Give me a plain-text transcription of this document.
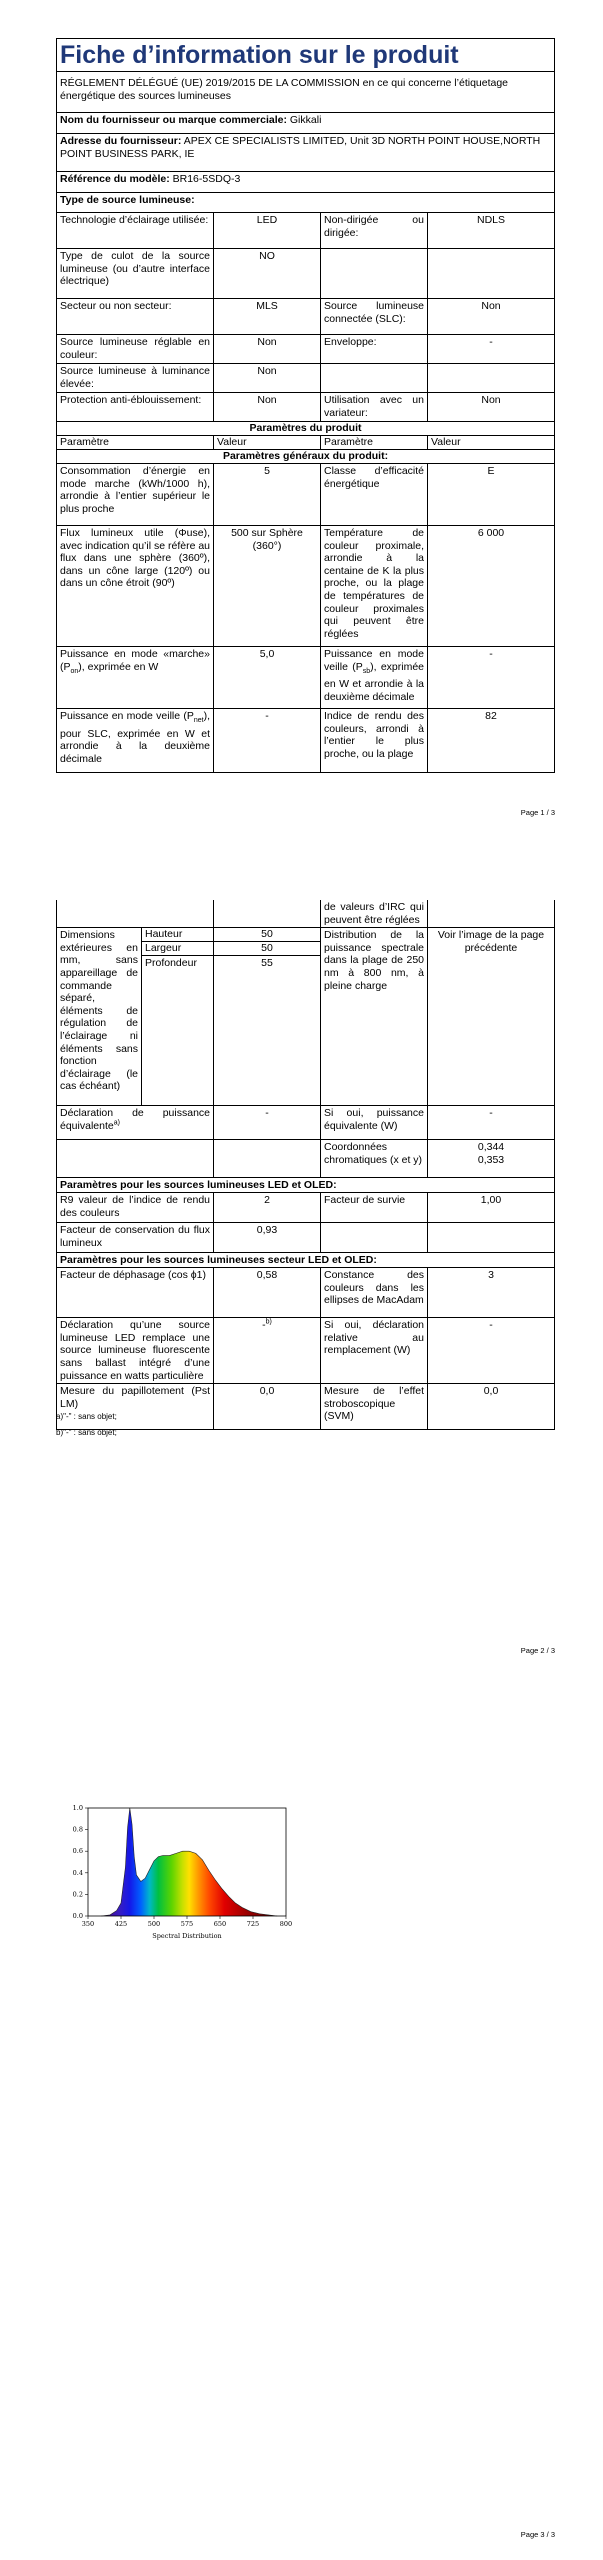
Fiche d’information sur le produit			
RÉGLEMENT DÉLÉGUÉ (UE) 2019/2015 DE LA COMMISSION en ce qui concerne l’étiquetage énergétique des sources lumineuses			
Nom du fournisseur ou marque commerciale: Gikkali			
Adresse du fournisseur: APEX CE SPECIALISTS LIMITED, Unit 3D NORTH POINT HOUSE,NORTH POINT BUSINESS PARK, IE			
Référence du modèle: BR16-5SDQ-3			
Type de source lumineuse:			
Technologie d’éclairage utilisée:	LED	Non-dirigée ou dirigée:	NDLS
Type de culot de la source lumineuse (ou d’autre interface électrique)	NO		
Secteur ou non secteur:	MLS	Source lumineuse connectée (SLC):	Non
Source lumineuse réglable en couleur:	Non	Enveloppe:	-
Source lumineuse à luminance élevée:	Non		
Protection anti-éblouissement:	Non	Utilisation avec un variateur:	Non
Paramètres du produit			
Paramètre	Valeur	Paramètre	Valeur
Paramètres généraux du produit:			
Consommation d’énergie en mode marche (kWh/1000 h), arrondie à l’entier supérieur le plus proche	5	Classe d’efficacité énergétique	E
Flux lumineux utile (Φuse), avec indication qu’il se réfère au flux dans une sphère (360º), dans un cône large (120º) ou dans un cône étroit (90º)	500 sur Sphère (360°)	Température de couleur proximale, arrondie à la centaine de K la plus proche, ou la plage de températures de couleur proximales qui peuvent être réglées	6 000
Puissance en mode «marche» $(P_{on})$, exprimée en W	5,0	Puissance en mode veille $(P_{sb})$, exprimée en W et arrondie à la deuxième décimale	-
Puissance en mode veille $(P_{net})$, pour SLC, exprimée en W et arrondie à la deuxième décimale	-	Indice de rendu des couleurs, arrondi à l’entier le plus proche, ou la plage	82
Page 1 / 3
			de valeurs d’IRC qui peuvent être réglées	
Dimensions extérieures en mm, sans appareillage de commande séparé, éléments de régulation de l’éclairage ni éléments sans fonction d’éclairage (le cas échéant)	Hauteur	50	Distribution de la puissance spectrale dans la plage de 250 nm à 800 nm, à pleine charge	Voir l’image de la page précédente
	Largeur	50		
	Profondeur	55		
Déclaration de puissance équivalente$^{a)}$		-	Si oui, puissance équivalente (W)	-
			Coordonnées chromatiques (x et y)	0,344
0,353

Paramètres pour les sources lumineuses LED et OLED:				
R9 valeur de l’indice de rendu des couleurs		2	Facteur de survie	1,00
Facteur de conservation du flux lumineux		0,93		
Paramètres pour les sources lumineuses secteur LED et OLED:				
Facteur de déphasage (cos ϕ1)		0,58	Constance des couleurs dans les ellipses de MacAdam	3
Déclaration qu’une source lumineuse LED remplace une source lumineuse fluorescente sans ballast intégré d’une puissance en watts particulière		-$^{b)}$	Si oui, déclaration relative au remplacement (W)	-
Mesure du papillotement (Pst LM)		0,0	Mesure de l’effet stroboscopique (SVM)	0,0
a)"-" : sans objet;
b)"-" : sans objet;
Page 2 / 3
350	425	500	575	650	725	800
0.0
0.2
0.4
0.6
0.8
1.0
Spectral Distribution
Page 3 / 3
